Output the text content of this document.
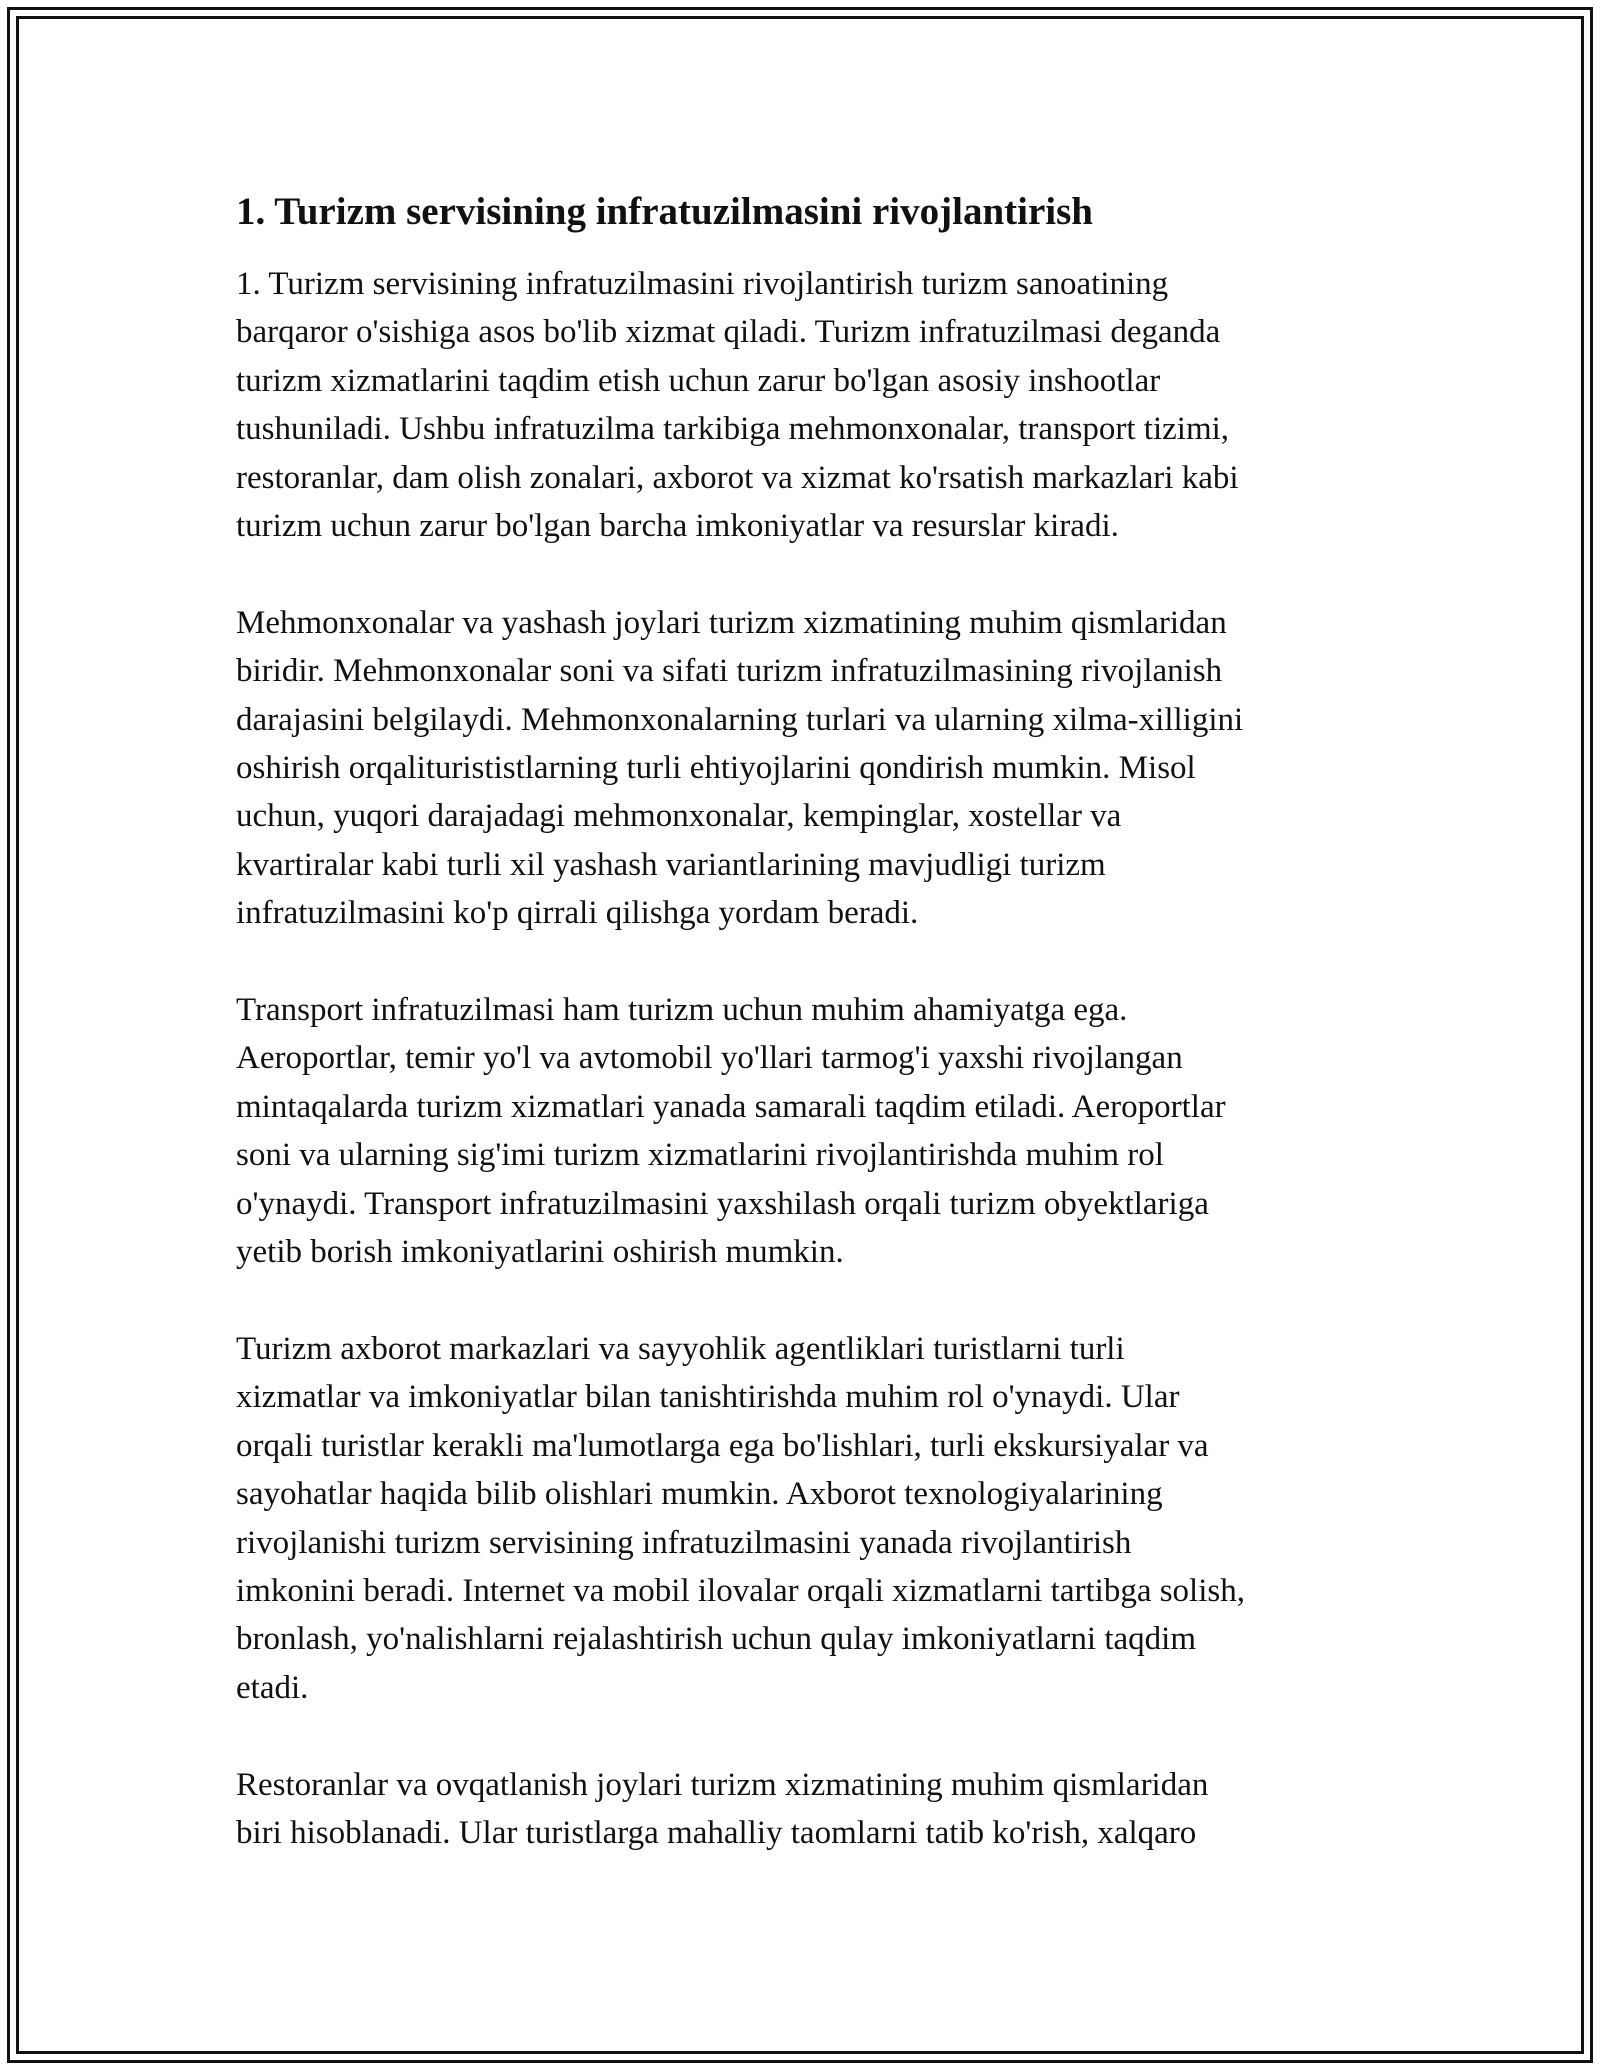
1. Turizm servisining infratuzilmasini rivojlantirish
1. Turizm servisining infratuzilmasini rivojlantirish turizm sanoatining
barqaror o'sishiga asos bo'lib xizmat qiladi. Turizm infratuzilmasi deganda
turizm xizmatlarini taqdim etish uchun zarur bo'lgan asosiy inshootlar
tushuniladi. Ushbu infratuzilma tarkibiga mehmonxonalar, transport tizimi,
restoranlar, dam olish zonalari, axborot va xizmat ko'rsatish markazlari kabi
turizm uchun zarur bo'lgan barcha imkoniyatlar va resurslar kiradi.
Mehmonxonalar va yashash joylari turizm xizmatining muhim qismlaridan
biridir. Mehmonxonalar soni va sifati turizm infratuzilmasining rivojlanish
darajasini belgilaydi. Mehmonxonalarning turlari va ularning xilma-xilligini
oshirish orqaliturististlarning turli ehtiyojlarini qondirish mumkin. Misol
uchun, yuqori darajadagi mehmonxonalar, kempinglar, xostellar va
kvartiralar kabi turli xil yashash variantlarining mavjudligi turizm
infratuzilmasini ko'p qirrali qilishga yordam beradi.
Transport infratuzilmasi ham turizm uchun muhim ahamiyatga ega.
Aeroportlar, temir yo'l va avtomobil yo'llari tarmog'i yaxshi rivojlangan
mintaqalarda turizm xizmatlari yanada samarali taqdim etiladi. Aeroportlar
soni va ularning sig'imi turizm xizmatlarini rivojlantirishda muhim rol
o'ynaydi. Transport infratuzilmasini yaxshilash orqali turizm obyektlariga
yetib borish imkoniyatlarini oshirish mumkin.
Turizm axborot markazlari va sayyohlik agentliklari turistlarni turli
xizmatlar va imkoniyatlar bilan tanishtirishda muhim rol o'ynaydi. Ular
orqali turistlar kerakli ma'lumotlarga ega bo'lishlari, turli ekskursiyalar va
sayohatlar haqida bilib olishlari mumkin. Axborot texnologiyalarining
rivojlanishi turizm servisining infratuzilmasini yanada rivojlantirish
imkonini beradi. Internet va mobil ilovalar orqali xizmatlarni tartibga solish,
bronlash, yo'nalishlarni rejalashtirish uchun qulay imkoniyatlarni taqdim
etadi.
Restoranlar va ovqatlanish joylari turizm xizmatining muhim qismlaridan
biri hisoblanadi. Ular turistlarga mahalliy taomlarni tatib ko'rish, xalqaro
